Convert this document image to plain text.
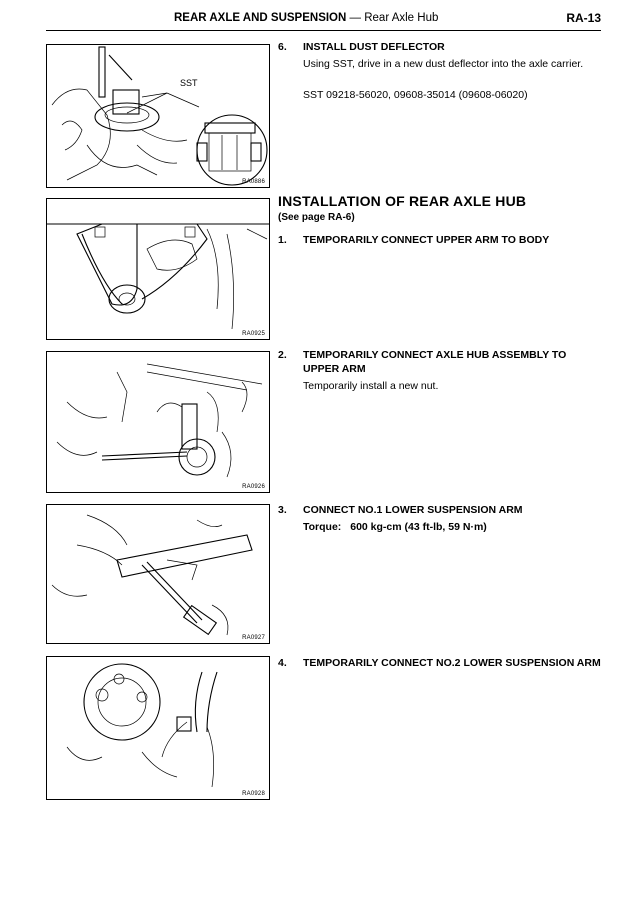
REAR AXLE AND SUSPENSION — Rear Axle Hub	RA-13
SST
RA0886
RA0925
RA0926
RA0927
RA0928
6. INSTALL DUST DEFLECTOR
Using SST, drive in a new dust deflector into the axle carrier.
SST 09218-56020, 09608-35014 (09608-06020)
INSTALLATION OF REAR AXLE HUB
(See page RA-6)
1. TEMPORARILY CONNECT UPPER ARM TO BODY
2. TEMPORARILY CONNECT AXLE HUB ASSEMBLY TO UPPER ARM
Temporarily install a new nut.
3. CONNECT NO.1 LOWER SUSPENSION ARM
Torque: 600 kg-cm (43 ft-lb, 59 N·m)
4. TEMPORARILY CONNECT NO.2 LOWER SUSPENSION ARM
